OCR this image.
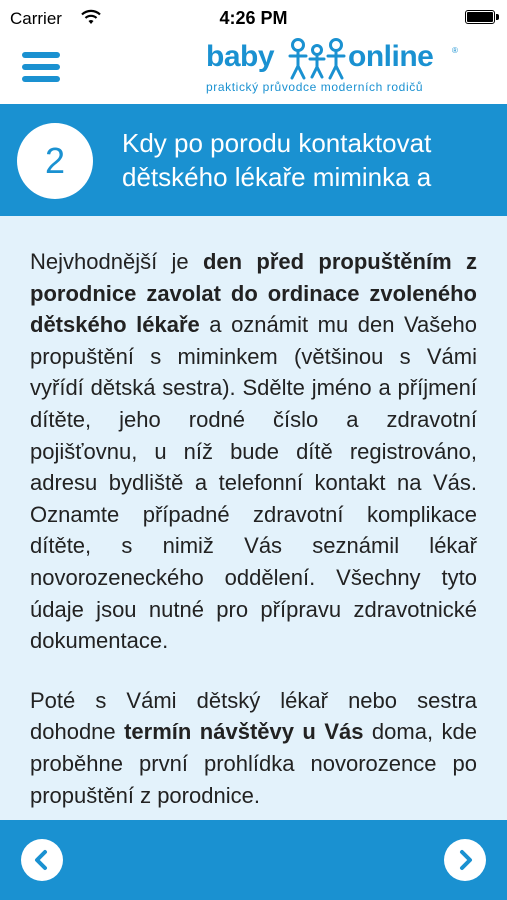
Carrier	4:26 PM
baby online ®
praktický průvodce moderních rodičů
2	Kdy po porodu kontaktovat
dětského lékaře miminka a

Nejvhodnější je den před propuštěním z porodnice zavolat do ordinace zvoleného dětského lékaře a oznámit mu den Vašeho propuštění s miminkem (většinou s Vámi vyřídí dětská sestra). Sdělte jméno a příjmení dítěte, jeho rodné číslo a zdravotní pojišťovnu, u níž bude dítě registrováno, adresu bydliště a telefonní kontakt na Vás. Oznamte případné zdravotní komplikace dítěte, s nimiž Vás seznámil lékař novorozeneckého oddělení. Všechny tyto údaje jsou nutné pro přípravu zdravotnické dokumentace.

Poté s Vámi dětský lékař nebo sestra dohodne termín návštěvy u Vás doma, kde proběhne první prohlídka novorozence po propuštění z porodnice.
